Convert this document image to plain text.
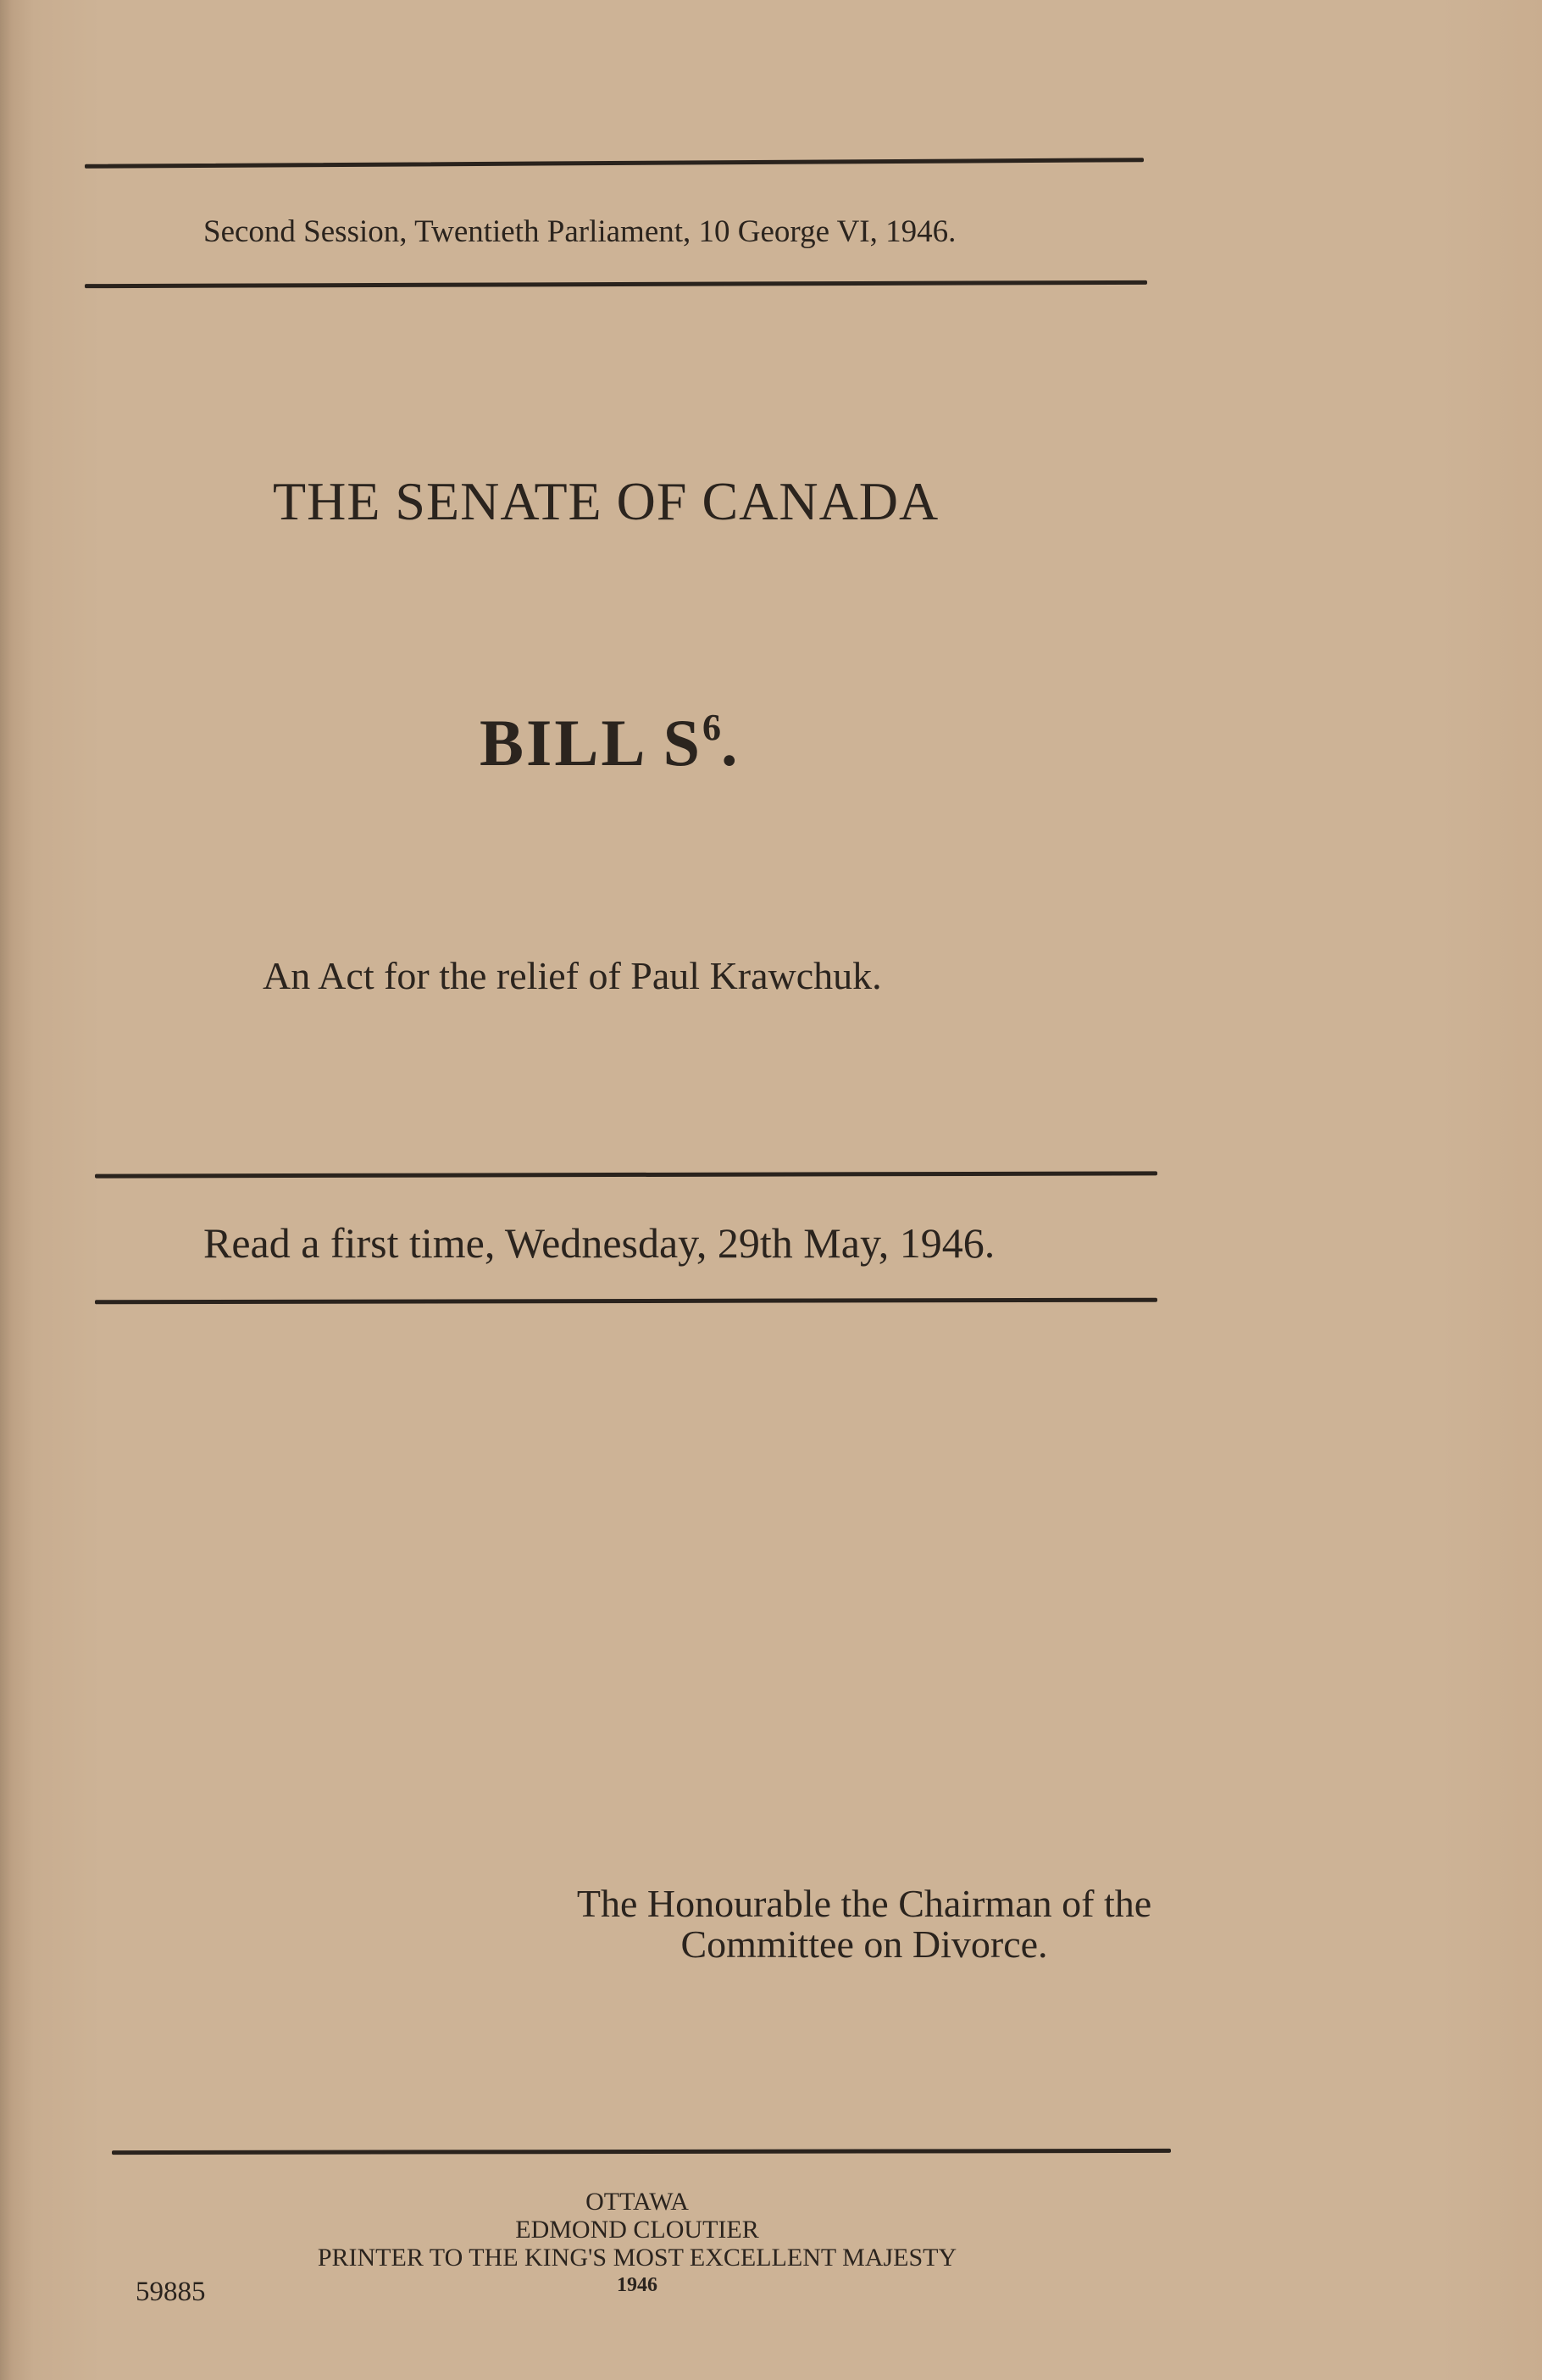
Second Session, Twentieth Parliament, 10 George VI, 1946.
THE SENATE OF CANADA
BILL $S^6$.
An Act for the relief of Paul Krawchuk.
Read a first time, Wednesday, 29th May, 1946.
The Honourable the Chairman of the
Committee on Divorce.
OTTAWA
EDMOND CLOUTIER
PRINTER TO THE KING'S MOST EXCELLENT MAJESTY
1946
59885
